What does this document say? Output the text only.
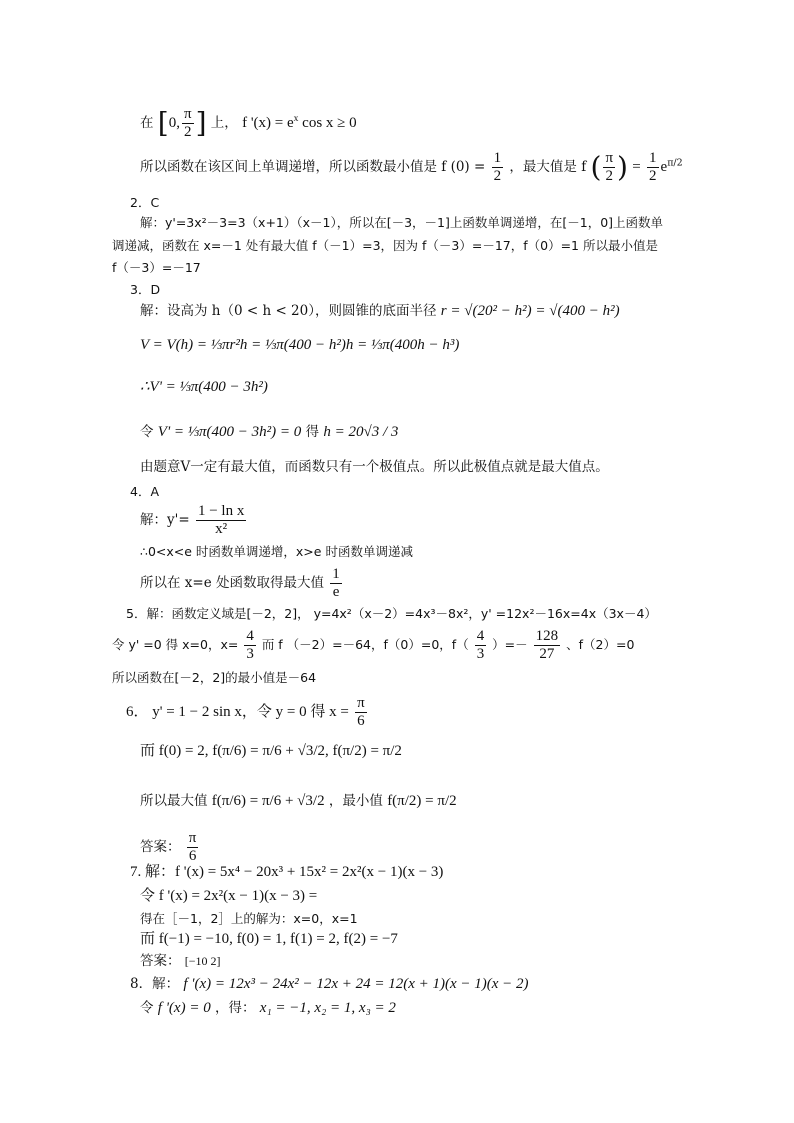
在 [0, $\frac{\pi}{2}$ ] 上， f '$(x) = e^x$ cos x ≥ 0
所以函数在该区间上单调递增，所以函数最小值是 f $(0) = \frac{1}{2}$ ，最大值是 f ( $\frac{\pi}{2}$ ) = $\frac{1}{2} e^{\pi/2}$
2．C
解：y'=3x²－3=3（x+1）（x－1），所以在[－3，－1]上函数单调递增，在[－1，0]上函数单
调递减，函数在 x=－1 处有最大值 f（－1）=3，因为 f（－3）=－17，f（0）=1 所以最小值是
f（－3）=－17
3．D
解：设高为 h（0 < h < 20），则圆锥的底面半径 r = √(20² − h²) = √(400 − h²)
V = V(h) = ⅓πr²h = ⅓π(400 − h²)h = ⅓π(400h − h³)
∴V' = ⅓π(400 − 3h²)
令 V' = ⅓π(400 − 3h²) = 0 得 h = 20√3 / 3
由题意V一定有最大值，而函数只有一个极值点。所以此极值点就是最大值点。
4．A
解：$y'= \frac{\text{1 − ln x}}{\text{x²}}$
∴0<x<e 时函数单调递增，x>e 时函数单调递减
所以在 x=e 处函数取得最大值 $\frac{1}{e}$
5．解：函数定义域是[－2，2]， y=4x²（x－2）=4x³－8x²，y' =12x²－16x=4x（3x－4）
令 y' =0 得 x=0，$x= \frac{4}{3}$ 而 f （－2）=－64，f（0）=0，$f( \frac{4}{3}$ ）=－ $\frac{128}{27}$ 、f（2）=0
所以函数在[－2，2]的最小值是－64
6． y' = 1 − 2 sin x，令 y = 0 得 $x = \frac{\pi}{6}$
而 f(0) = 2, f(π/6) = π/6 + √3/2, f(π/2) = π/2
所以最大值 f(π/6) = π/6 + √3/2 ，最小值 f(π/2) = π/2
答案： $\frac{\pi}{6}$
7. 解：f '(x) = 5x⁴ − 20x³ + 15x² = 2x²(x − 1)(x − 3)
令 f '(x) = 2x²(x − 1)(x − 3) =
得在［－1，2］上的解为：x=0，x=1
而 f(−1) = −10, f(0) = 1, f(1) = 2, f(2) = −7
答案： [−10 2]
8．解： f '(x) = 12x³ − 24x² − 12x + 24 = 12(x + 1)(x − 1)(x − 2)
令 f '(x) = 0 ，得： x₁ = −1, x₂ = 1, x₃ = 2
